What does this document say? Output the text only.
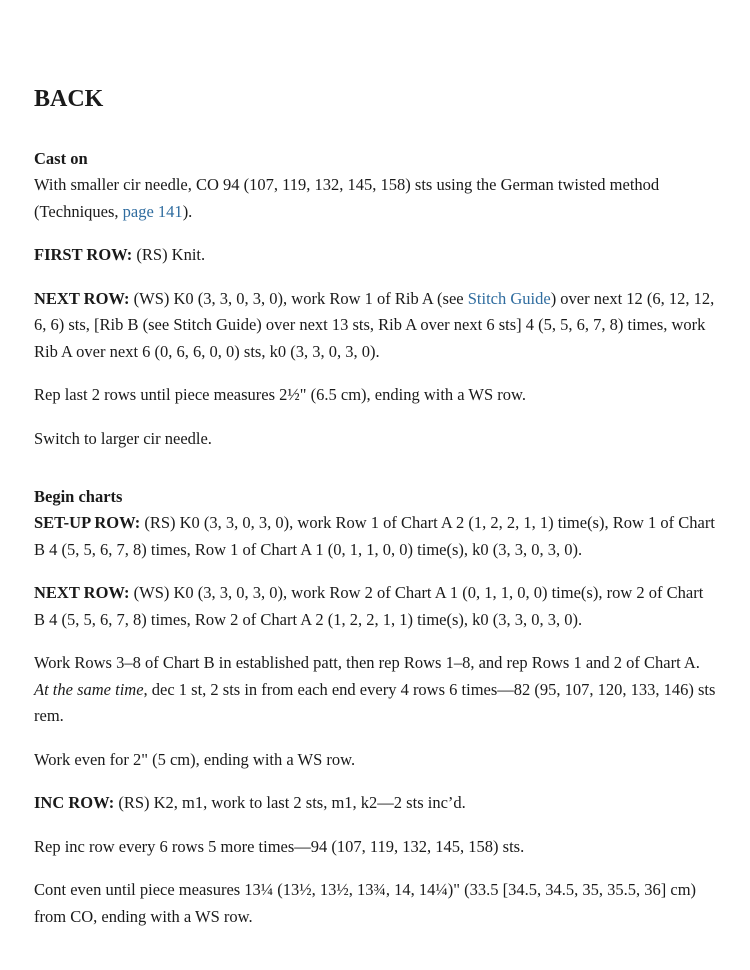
BACK
Cast on

With smaller cir needle, CO 94 (107, 119, 132, 145, 158) sts using the German twisted method (Techniques, page 141).

FIRST ROW: (RS) Knit.

NEXT ROW: (WS) K0 (3, 3, 0, 3, 0), work Row 1 of Rib A (see Stitch Guide) over next 12 (6, 12, 12, 6, 6) sts, [Rib B (see Stitch Guide) over next 13 sts, Rib A over next 6 sts] 4 (5, 5, 6, 7, 8) times, work Rib A over next 6 (0, 6, 6, 0, 0) sts, k0 (3, 3, 0, 3, 0).

Rep last 2 rows until piece measures 2½" (6.5 cm), ending with a WS row.

Switch to larger cir needle.

Begin charts

SET-UP ROW: (RS) K0 (3, 3, 0, 3, 0), work Row 1 of Chart A 2 (1, 2, 2, 1, 1) time(s), Row 1 of Chart B 4 (5, 5, 6, 7, 8) times, Row 1 of Chart A 1 (0, 1, 1, 0, 0) time(s), k0 (3, 3, 0, 3, 0).

NEXT ROW: (WS) K0 (3, 3, 0, 3, 0), work Row 2 of Chart A 1 (0, 1, 1, 0, 0) time(s), row 2 of Chart B 4 (5, 5, 6, 7, 8) times, Row 2 of Chart A 2 (1, 2, 2, 1, 1) time(s), k0 (3, 3, 0, 3, 0).

Work Rows 3–8 of Chart B in established patt, then rep Rows 1–8, and rep Rows 1 and 2 of Chart A. At the same time, dec 1 st, 2 sts in from each end every 4 rows 6 times—82 (95, 107, 120, 133, 146) sts rem.

Work even for 2" (5 cm), ending with a WS row.

INC ROW: (RS) K2, m1, work to last 2 sts, m1, k2—2 sts inc’d.

Rep inc row every 6 rows 5 more times—94 (107, 119, 132, 145, 158) sts.

Cont even until piece measures 13¼ (13½, 13½, 13¾, 14, 14¼)" (33.5 [34.5, 34.5, 35, 35.5, 36] cm) from CO, ending with a WS row.
